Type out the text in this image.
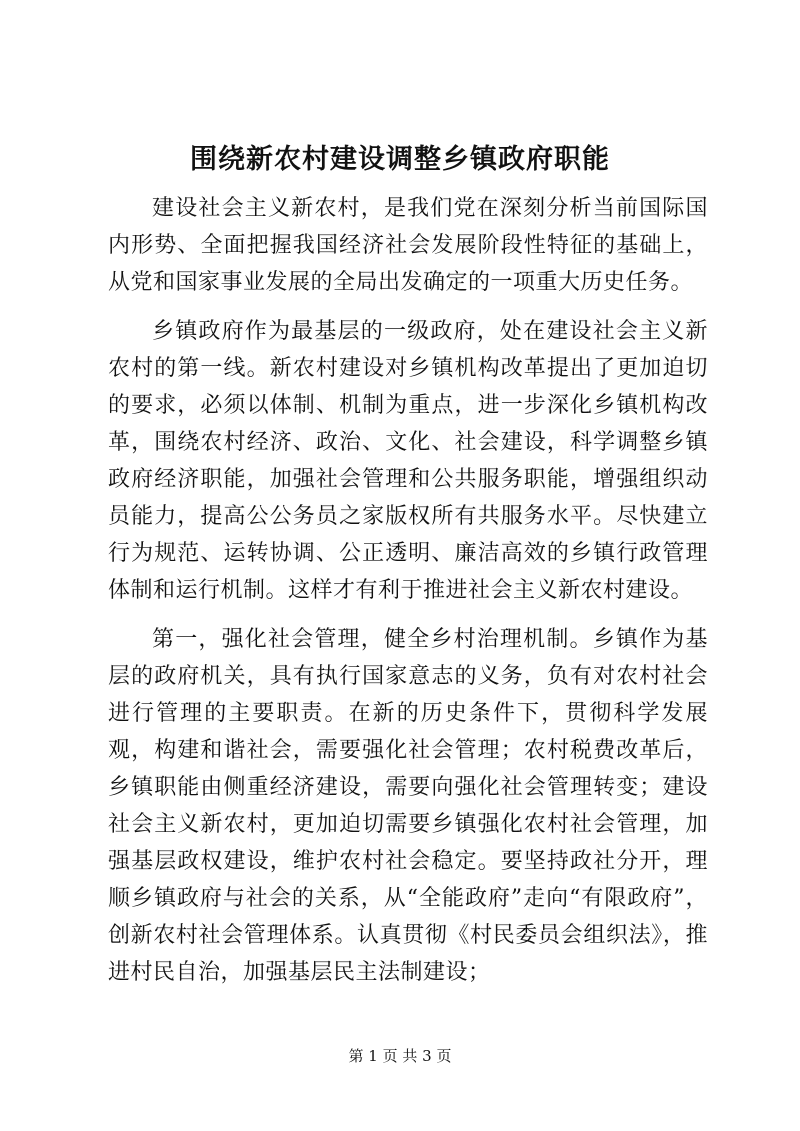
围绕新农村建设调整乡镇政府职能

建设社会主义新农村，是我们党在深刻分析当前国际国内形势、全面把握我国经济社会发展阶段性特征的基础上，从党和国家事业发展的全局出发确定的一项重大历史任务。

乡镇政府作为最基层的一级政府，处在建设社会主义新农村的第一线。新农村建设对乡镇机构改革提出了更加迫切的要求，必须以体制、机制为重点，进一步深化乡镇机构改革，围绕农村经济、政治、文化、社会建设，科学调整乡镇政府经济职能，加强社会管理和公共服务职能，增强组织动员能力，提高公公务员之家版权所有共服务水平。尽快建立行为规范、运转协调、公正透明、廉洁高效的乡镇行政管理体制和运行机制。这样才有利于推进社会主义新农村建设。

第一，强化社会管理，健全乡村治理机制。乡镇作为基层的政府机关，具有执行国家意志的义务，负有对农村社会进行管理的主要职责。在新的历史条件下，贯彻科学发展观，构建和谐社会，需要强化社会管理；农村税费改革后，乡镇职能由侧重经济建设，需要向强化社会管理转变；建设社会主义新农村，更加迫切需要乡镇强化农村社会管理，加强基层政权建设，维护农村社会稳定。要坚持政社分开，理顺乡镇政府与社会的关系，从“全能政府”走向“有限政府”，创新农村社会管理体系。认真贯彻《村民委员会组织法》，推进村民自治，加强基层民主法制建设；

第 1 页 共 3 页
